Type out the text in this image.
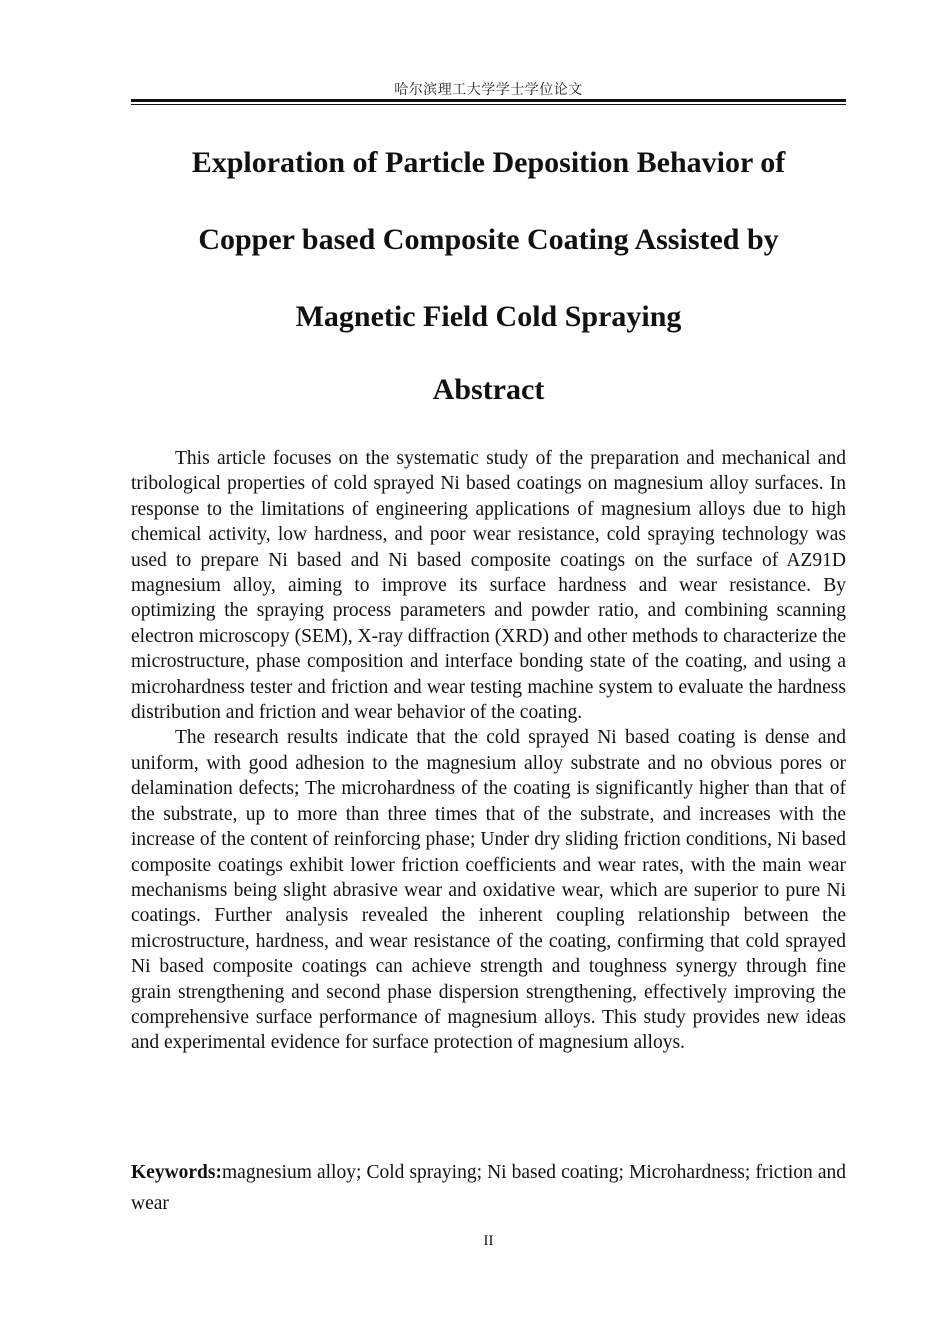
哈尔滨理工大学学士学位论文
Exploration of Particle Deposition Behavior of
Copper based Composite Coating Assisted by
Magnetic Field Cold Spraying
Abstract

This article focuses on the systematic study of the preparation and mechanical and tribological properties of cold sprayed Ni based coatings on magnesium alloy surfaces. In response to the limitations of engineering applications of magnesium alloys due to high chemical activity, low hardness, and poor wear resistance, cold spraying technology was used to prepare Ni based and Ni based composite coatings on the surface of AZ91D magnesium alloy, aiming to improve its surface hardness and wear resistance. By optimizing the spraying process parameters and powder ratio, and combining scanning electron microscopy (SEM), X-ray diffraction (XRD) and other methods to characterize the microstructure, phase composition and interface bonding state of the coating, and using a microhardness tester and friction and wear testing machine system to evaluate the hardness distribution and friction and wear behavior of the coating.

The research results indicate that the cold sprayed Ni based coating is dense and uniform, with good adhesion to the magnesium alloy substrate and no obvious pores or delamination defects; The microhardness of the coating is significantly higher than that of the substrate, up to more than three times that of the substrate, and increases with the increase of the content of reinforcing phase; Under dry sliding friction conditions, Ni based composite coatings exhibit lower friction coefficients and wear rates, with the main wear mechanisms being slight abrasive wear and oxidative wear, which are superior to pure Ni coatings. Further analysis revealed the inherent coupling relationship between the microstructure, hardness, and wear resistance of the coating, confirming that cold sprayed Ni based composite coatings can achieve strength and toughness synergy through fine grain strengthening and second phase dispersion strengthening, effectively improving the comprehensive surface performance of magnesium alloys. This study provides new ideas and experimental evidence for surface protection of magnesium alloys.

Keywords:magnesium alloy; Cold spraying; Ni based coating; Microhardness; friction and wear

II
